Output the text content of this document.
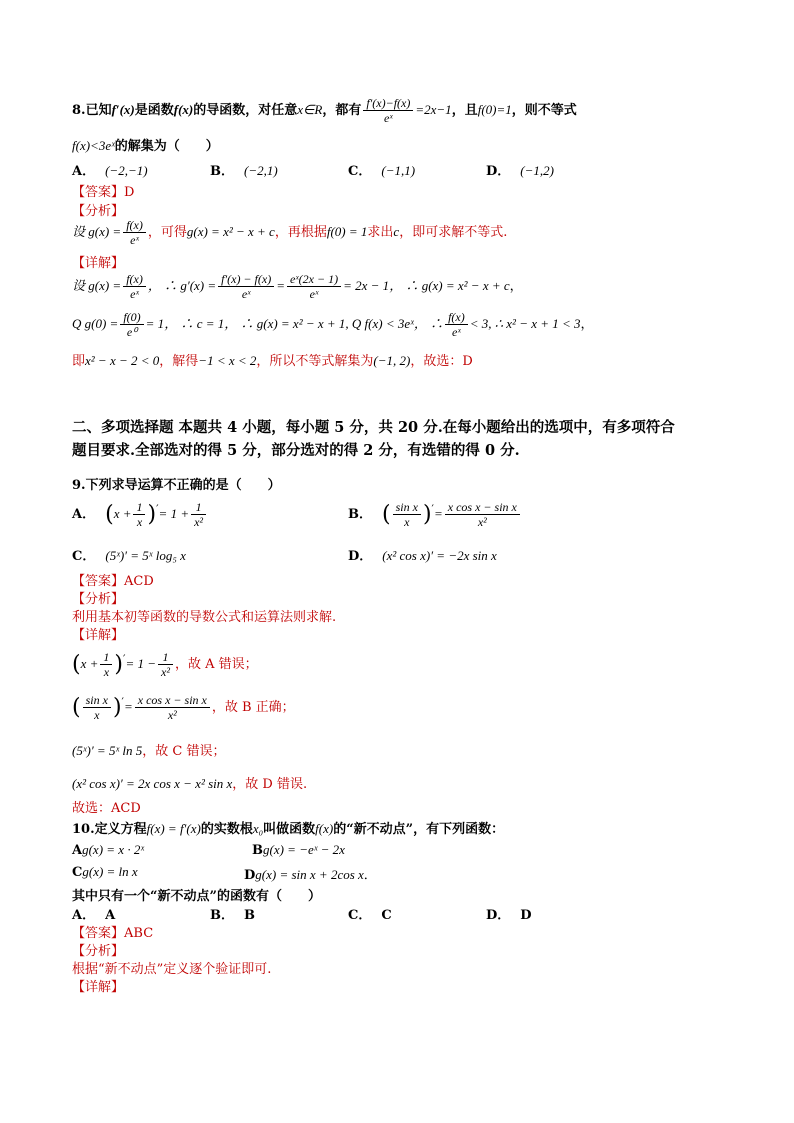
8.已知f′(x)是函数f(x)的导函数，对任意x∈R，都有 $\frac{f'(x)-f(x)}{\text{eˣ}} =2x-1$，且f(0)=1，则不等式
f(x)<3eˣ的解集为（　　）
A． (−2,−1)	B． (−2,1)	C． (−1,1)	D． (−1,2)
【答案】D
【分析】
设 $g(x) = \frac{f(x)}{\text{eˣ}}$ ，可得g(x) = x² − x + c，再根据f(0) = 1求出c，即可求解不等式.
【详解】
设 $g(x) = \frac{f(x)}{\text{eˣ}}$ ， ∴ $g'(x) = \frac{f'(x) - f(x)}{\text{eˣ}} = \frac{\text{eˣ(2x − 1)}}{\text{eˣ}} = 2x - 1$， ∴ g(x) = x² − x + c，
Q $g(0) = \frac{f(0)}{\text{e⁰}} = 1$， ∴ c = 1， ∴ g(x) = x² − x + 1, Q f(x) < 3eˣ， ∴ $\frac{f(x)}{\text{eˣ}} < 3$, ∴ x² − x + 1 < 3，
即x² − x − 2 < 0，解得−1 < x < 2，所以不等式解集为(−1, 2)，故选：D
二、多项选择题 本题共 4 小题，每小题 5 分，共 20 分.在每小题给出的选项中，有多项符合
题目要求.全部选对的得 5 分，部分选对的得 2 分，有选错的得 0 分.
9.下列求导运算不正确的是（　　）
A． $(x + \frac{1}{x} )'= 1 + \frac{1}{\text{x²}}$	B． ( $\frac{\text{sin x}}{x} )'= \frac{\text{x cos x − sin x}}{\text{x²}}$
C． (5ˣ)′ = 5ˣ log₅ x	D． (x² cos x)′ = −2x sin x
【答案】ACD
【分析】
利用基本初等函数的导数公式和运算法则求解.
【详解】
$(x + \frac{1}{x} )'= 1 - \frac{1}{\text{x²}}$ ，故 A 错误；
( $\frac{\text{sin x}}{x} )'= \frac{\text{x cos x − sin x}}{\text{x²}}$ ，故 B 正确；
(5ˣ)′ = 5ˣ ln 5，故 C 错误；
(x² cos x)′ = 2x cos x − x² sin x，故 D 错误.
故选：ACD
10.定义方程f(x) = f′(x)的实数根x₀叫做函数f(x)的“新不动点”，有下列函数：
Ag(x) = x · 2ˣ	Bg(x) = −eˣ − 2x
Cg(x) = ln x	Dg(x) = sin x + 2cos x．
其中只有一个“新不动点”的函数有（　　）
A． A	B． B	C． C	D． D
【答案】ABC
【分析】
根据“新不动点”定义逐个验证即可.
【详解】
